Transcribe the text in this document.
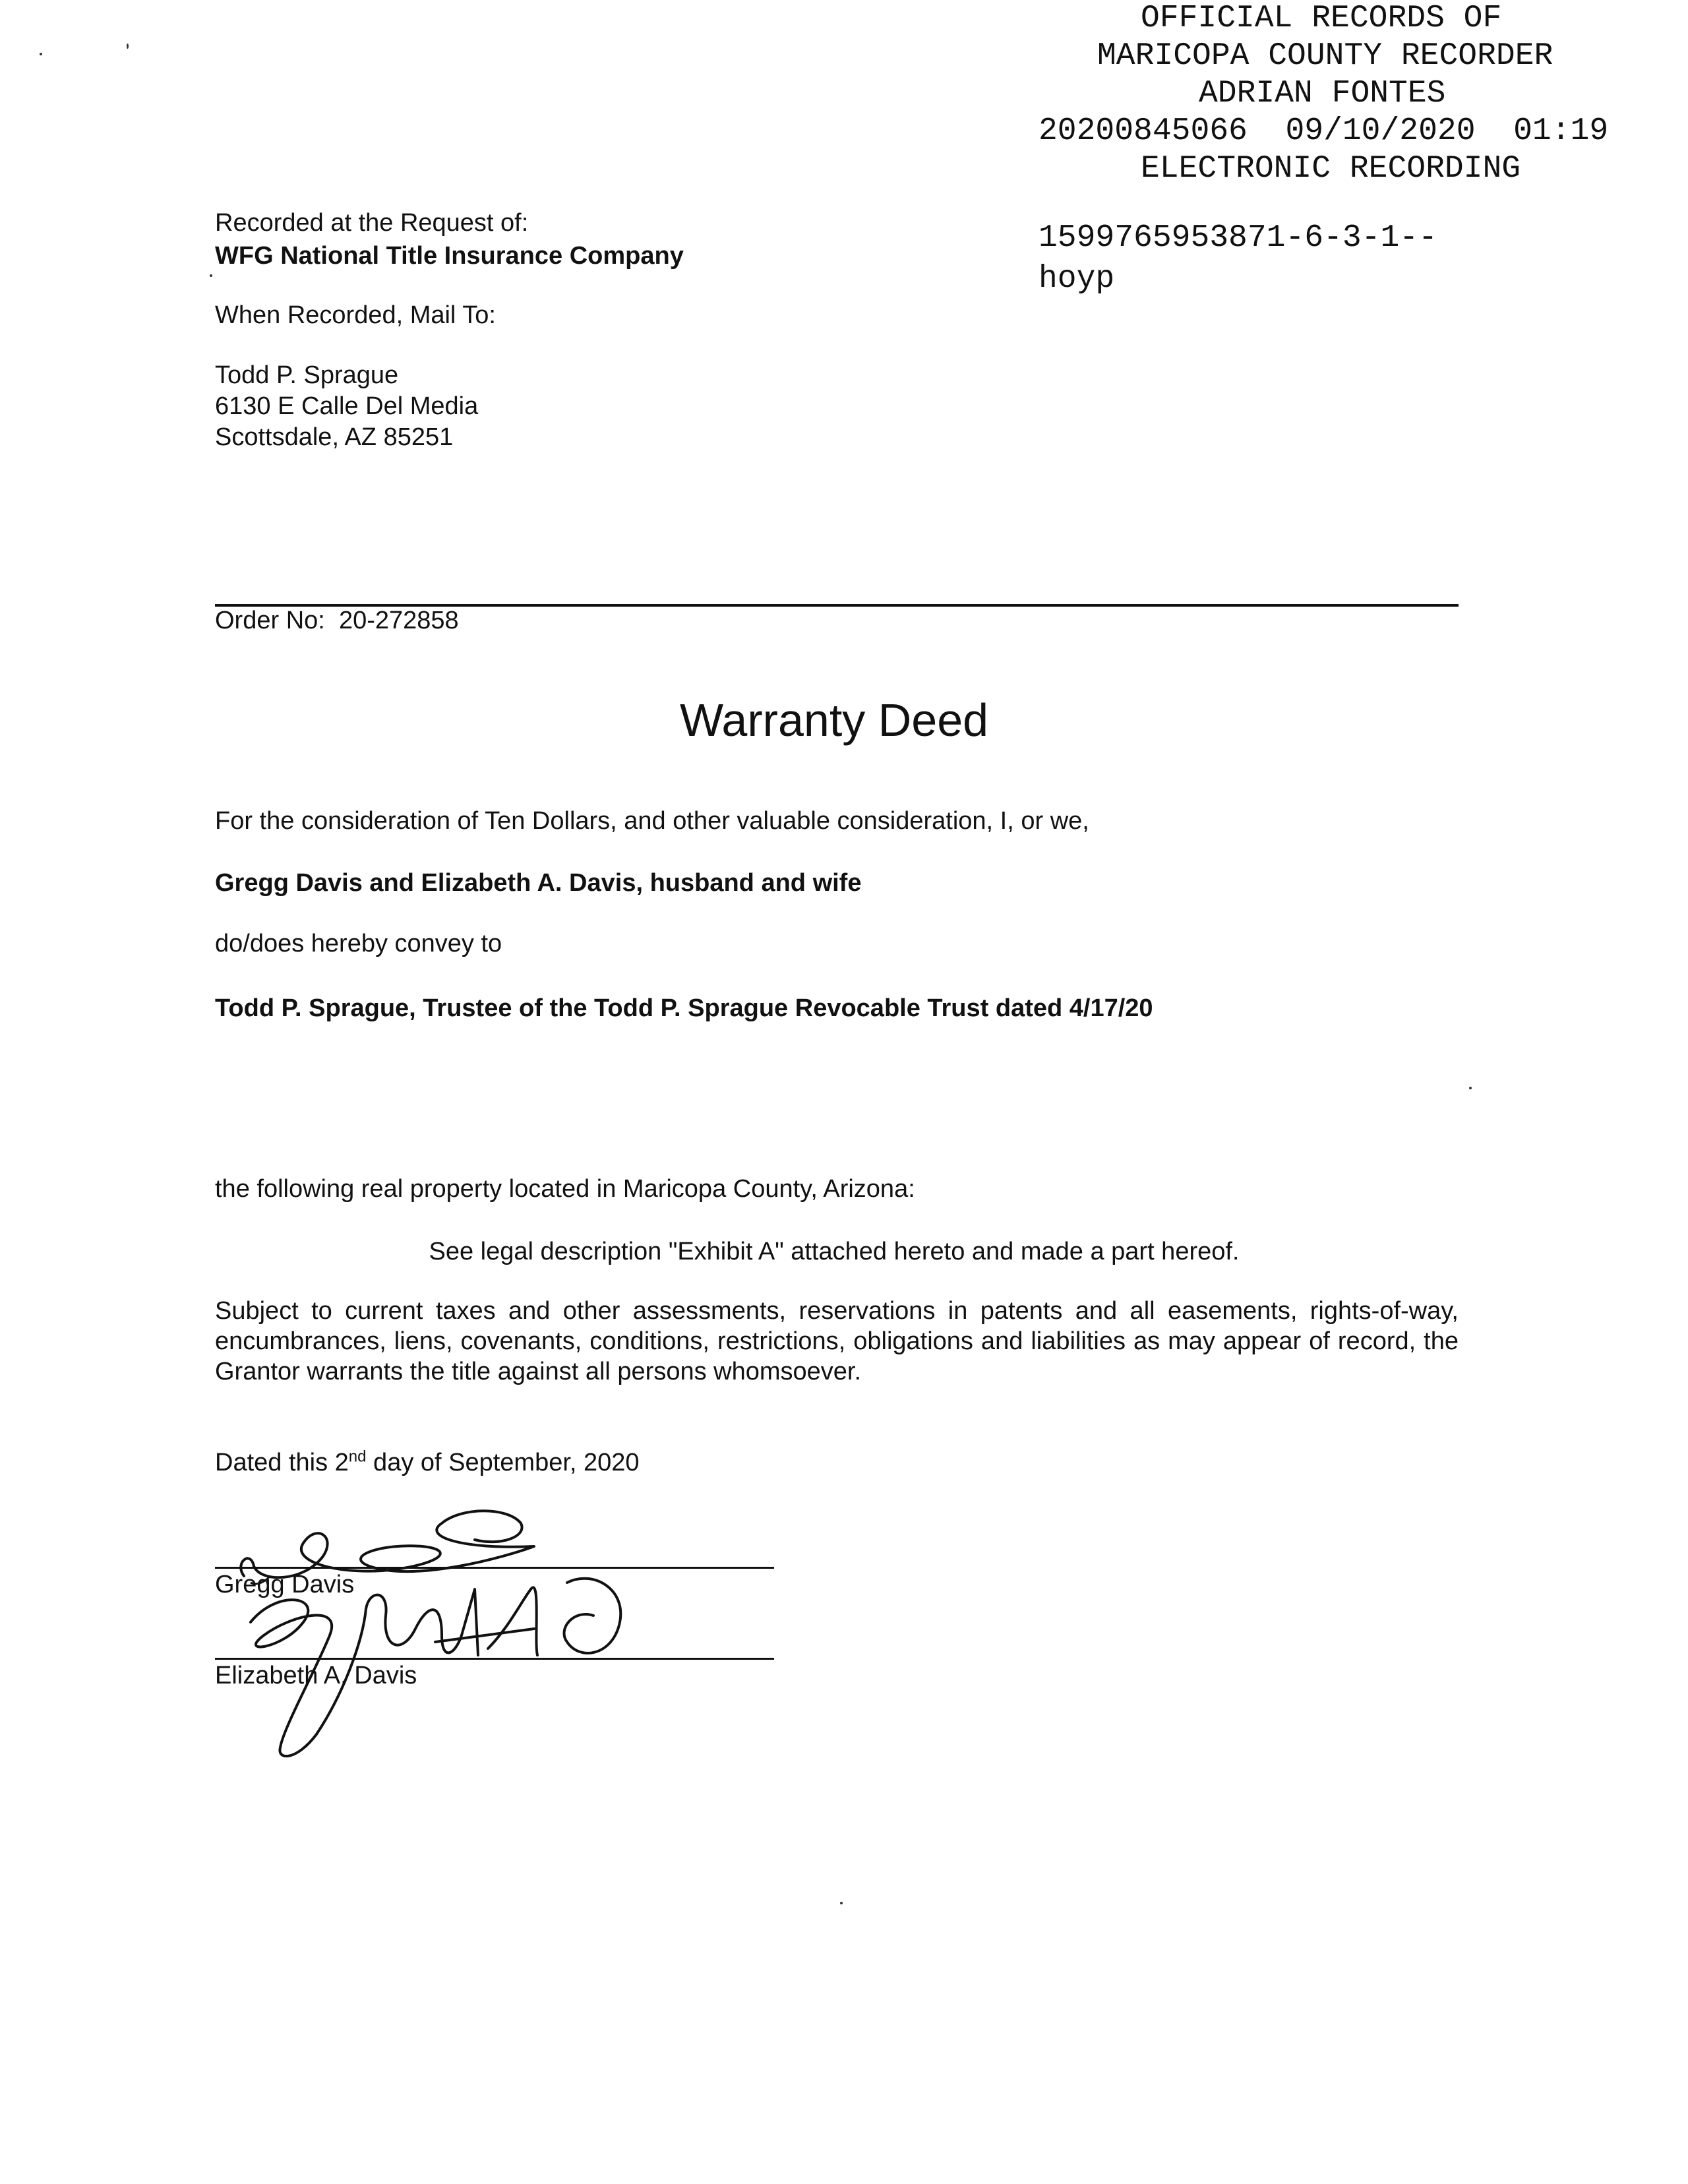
OFFICIAL RECORDS OF
MARICOPA COUNTY RECORDER
ADRIAN FONTES
20200845066  09/10/2020  01:19
ELECTRONIC RECORDING
1599765953871-6-3-1--
hoyp
Recorded at the Request of:
WFG National Title Insurance Company
When Recorded, Mail To:
Todd P. Sprague
6130 E Calle Del Media
Scottsdale, AZ 85251
Order No: 20-272858
Warranty Deed
For the consideration of Ten Dollars, and other valuable consideration, I, or we,
Gregg Davis and Elizabeth A. Davis, husband and wife
do/does hereby convey to
Todd P. Sprague, Trustee of the Todd P. Sprague Revocable Trust dated 4/17/20
the following real property located in Maricopa County, Arizona:
See legal description "Exhibit A" attached hereto and made a part hereof.
Subject to current taxes and other assessments, reservations in patents and all easements, rights-of-way, encumbrances, liens, covenants, conditions, restrictions, obligations and liabilities as may appear of record, the Grantor warrants the title against all persons whomsoever.
Dated this 2nd day of September, 2020
Gregg Davis
Elizabeth A. Davis
